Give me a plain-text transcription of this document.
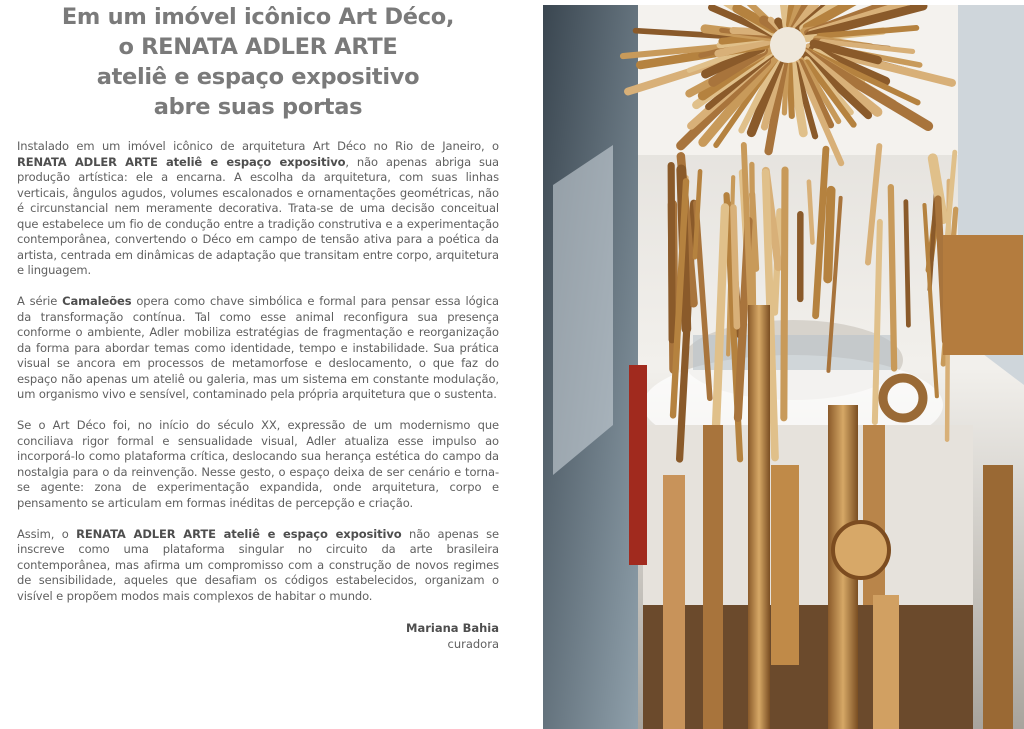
Em um imóvel icônico Art Déco,
o RENATA ADLER ARTE
ateliê e espaço expositivo
abre suas portas

Instalado em um imóvel icônico de arquitetura Art Déco no Rio de Janeiro, o RENATA ADLER ARTE ateliê e espaço expositivo, não apenas abriga sua produção artística: ele a encarna. A escolha da arquitetura, com suas linhas verticais, ângulos agudos, volumes escalonados e ornamentações geométricas, não é circunstancial nem meramente decorativa. Trata-se de uma decisão conceitual que estabelece um fio de condução entre a tradição construtiva e a experimentação contemporânea, convertendo o Déco em campo de tensão ativa para a poética da artista, centrada em dinâmicas de adaptação que transitam entre corpo, arquitetura e linguagem.

A série Camaleões opera como chave simbólica e formal para pensar essa lógica da transformação contínua. Tal como esse animal reconfigura sua presença conforme o ambiente, Adler mobiliza estratégias de fragmentação e reorganização da forma para abordar temas como identidade, tempo e instabilidade. Sua prática visual se ancora em processos de metamorfose e deslocamento, o que faz do espaço não apenas um ateliê ou galeria, mas um sistema em constante modulação, um organismo vivo e sensível, contaminado pela própria arquitetura que o sustenta.

Se o Art Déco foi, no início do século XX, expressão de um modernismo que conciliava rigor formal e sensualidade visual, Adler atualiza esse impulso ao incorporá-lo como plataforma crítica, deslocando sua herança estética do campo da nostalgia para o da reinvenção. Nesse gesto, o espaço deixa de ser cenário e torna-se agente: zona de experimentação expandida, onde arquitetura, corpo e pensamento se articulam em formas inéditas de percepção e criação.

Assim, o RENATA ADLER ARTE ateliê e espaço expositivo não apenas se inscreve como uma plataforma singular no circuito da arte brasileira contemporânea, mas afirma um compromisso com a construção de novos regimes de sensibilidade, aqueles que desafiam os códigos estabelecidos, organizam o visível e propõem modos mais complexos de habitar o mundo.

Mariana Bahia
curadora
